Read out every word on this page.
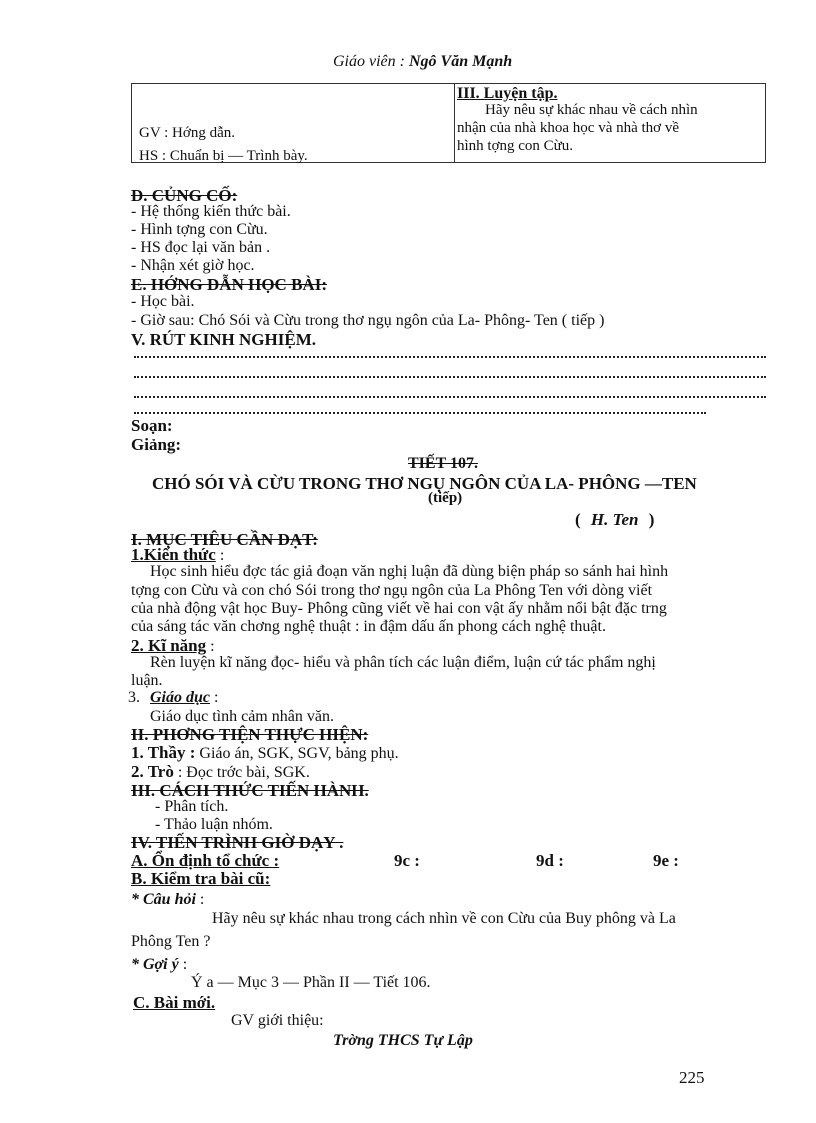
Giáo viên : Ngô Văn Mạnh
GV : Hớng dẫn.
HS : Chuẩn bị — Trình bày.

III. Luyện tập.
Hãy nêu sự khác nhau về cách nhìn
nhận của nhà khoa học và nhà thơ về
hình tợng con Cừu.
D. CỦNG CỐ:
- Hệ thống kiến thức bài.
- Hình tợng con Cừu.
- HS đọc lại văn bản .
- Nhận xét giờ học.
E. HỚNG DẪN HỌC BÀI:
- Học bài.
- Giờ sau: Chó Sói và Cừu trong thơ ngụ ngôn của La- Phông- Ten ( tiếp )
V. RÚT KINH NGHIỆM.
Soạn:
Giảng:
TIẾT 107.
CHÓ SÓI VÀ CỪU TRONG THƠ NGỤ NGÔN CỦA LA- PHÔNG —TEN
(tiếp)
( H. Ten )
I. MỤC TIÊU CẦN ĐẠT:
1.Kiến thức :
Học sinh hiểu đợc tác giả đoạn văn nghị luận đã dùng biện pháp so sánh hai hình
tợng con Cừu và con chó Sói trong thơ ngụ ngôn của La Phông Ten với dòng viết
của nhà động vật học Buy- Phông cũng viết về hai con vật ấy nhằm nổi bật đặc trng
của sáng tác văn chơng nghệ thuật : in đậm dấu ấn phong cách nghệ thuật.
2. Kĩ năng :
Rèn luyện kĩ năng đọc- hiểu và phân tích các luận điểm, luận cứ tác phẩm nghị
luận.
3. Giáo dục :
Giáo dục tình cảm nhân văn.
II. PHƠNG TIỆN THỰC HIỆN:
1. Thầy : Giáo án, SGK, SGV, bảng phụ.
2. Trò : Đọc trớc bài, SGK.
III. CÁCH THỨC TIẾN HÀNH.
- Phân tích.
- Thảo luận nhóm.
IV. TIẾN TRÌNH GIỜ DẠY .
A. Ổn định tổ chức :	9c :	9d :	9e :
B. Kiểm tra bài cũ:
* Câu hỏi :
Hãy nêu sự khác nhau trong cách nhìn về con Cừu của Buy phông và La
Phông Ten ?
* Gợi ý :
Ý a — Mục 3 — Phần II — Tiết 106.
C. Bài mới.
GV giới thiệu:
Trờng THCS Tự Lập
225
